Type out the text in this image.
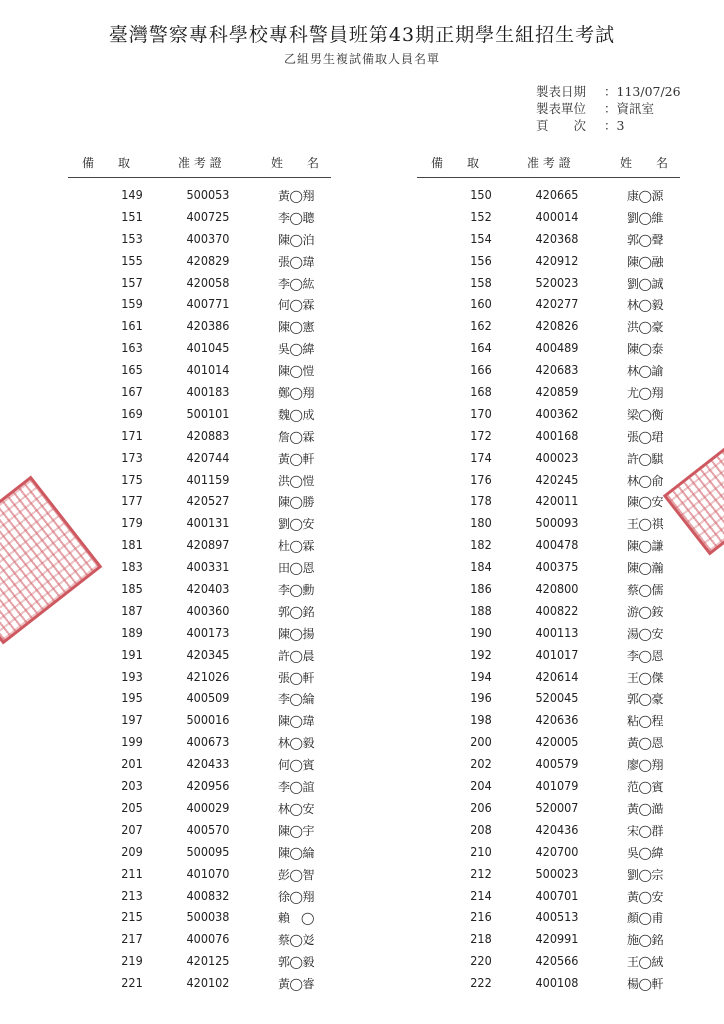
臺灣警察專科學校專科警員班第43期正期學生組招生考試
乙組男生複試備取人員名單
製表日期	：113/07/26
製表單位	：資訊室
頁　　次	：3
備　　取	准 考 證	姓　　名
149	500053	黃◯翔
151	400725	李◯聰
153	400370	陳◯泊
155	420829	張◯瑋
157	420058	李◯紘
159	400771	何◯霖
161	420386	陳◯憲
163	401045	吳◯緯
165	401014	陳◯愷
167	400183	鄭◯翔
169	500101	魏◯成
171	420883	詹◯霖
173	420744	黃◯軒
175	401159	洪◯愷
177	420527	陳◯勝
179	400131	劉◯安
181	420897	杜◯霖
183	400331	田◯恩
185	420403	李◯勳
187	400360	郭◯銘
189	400173	陳◯揚
191	420345	許◯晨
193	421026	張◯軒
195	400509	李◯綸
197	500016	陳◯瑋
199	400673	林◯毅
201	420433	何◯賓
203	420956	李◯誼
205	400029	林◯安
207	400570	陳◯宇
209	500095	陳◯綸
211	401070	彭◯智
213	400832	徐◯翔
215	500038	賴　◯
217	400076	蔡◯彣
219	420125	郭◯毅
221	420102	黃◯睿
備　　取	准 考 證	姓　　名
150	420665	康◯源
152	400014	劉◯維
154	420368	郭◯聲
156	420912	陳◯融
158	520023	劉◯誠
160	420277	林◯毅
162	420826	洪◯豪
164	400489	陳◯泰
166	420683	林◯諭
168	420859	尤◯翔
170	400362	梁◯衡
172	400168	張◯珺
174	400023	許◯騏
176	420245	林◯俞
178	420011	陳◯安
180	500093	王◯祺
182	400478	陳◯謙
184	400375	陳◯瀚
186	420800	蔡◯儒
188	400822	游◯銨
190	400113	湯◯安
192	401017	李◯恩
194	420614	王◯傑
196	520045	郭◯豪
198	420636	粘◯程
200	420005	黃◯恩
202	400579	廖◯翔
204	401079	范◯賓
206	520007	黃◯澔
208	420436	宋◯群
210	420700	吳◯緯
212	500023	劉◯宗
214	400701	黃◯安
216	400513	顏◯甫
218	420991	施◯銘
220	420566	王◯絨
222	400108	楊◯軒
